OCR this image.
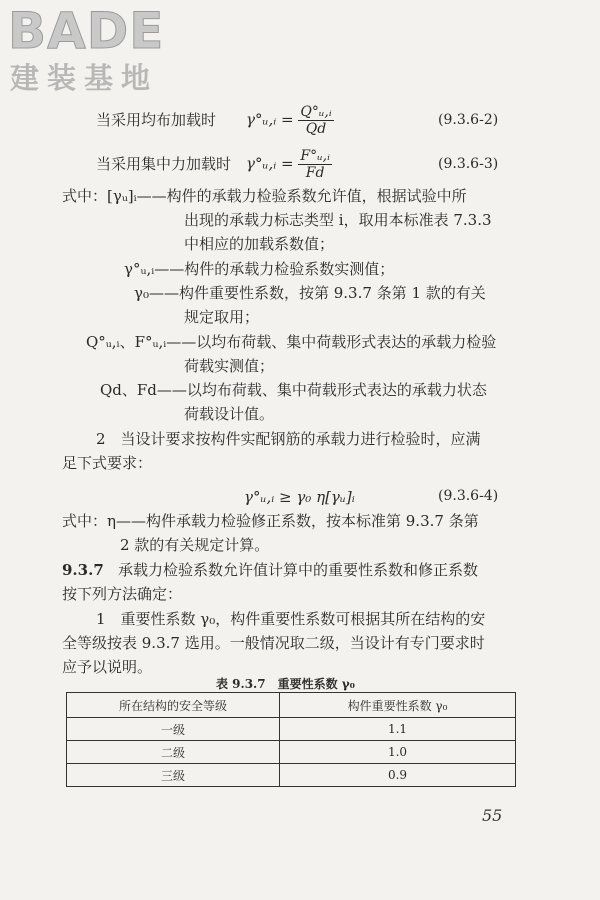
BADE
建装基地
当采用均布加载时 γ°ᵤ,ᵢ = $\frac{\text{Q°ᵤ,ᵢ}}{Qd}$	(9.3.6-2)
当采用集中力加载时 γ°ᵤ,ᵢ = $\frac{\text{F°ᵤ,ᵢ}}{Fd}$	(9.3.6-3)
式中：[γᵤ]ᵢ——构件的承载力检验系数允许值，根据试验中所
出现的承载力标志类型 i，取用本标准表 7.3.3
中相应的加载系数值；
γ°ᵤ,ᵢ——构件的承载力检验系数实测值；
γ₀——构件重要性系数，按第 9.3.7 条第 1 款的有关
规定取用；
Q°ᵤ,ᵢ、F°ᵤ,ᵢ——以均布荷载、集中荷载形式表达的承载力检验
荷载实测值；
Qd、Fd——以均布荷载、集中荷载形式表达的承载力状态
荷载设计值。
2　当设计要求按构件实配钢筋的承载力进行检验时，应满
足下式要求：
γ°ᵤ,ᵢ ≥ γ₀ η[γᵤ]ᵢ	(9.3.6-4)
式中：η——构件承载力检验修正系数，按本标准第 9.3.7 条第
2 款的有关规定计算。
9.3.7 承载力检验系数允许值计算中的重要性系数和修正系数
按下列方法确定：
1　重要性系数 γ₀，构件重要性系数可根据其所在结构的安
全等级按表 9.3.7 选用。一般情况取二级，当设计有专门要求时
应予以说明。
表 9.3.7　重要性系数 γ₀
所在结构的安全等级	构件重要性系数 γ₀
一级	1.1
二级	1.0
三级	0.9
55
